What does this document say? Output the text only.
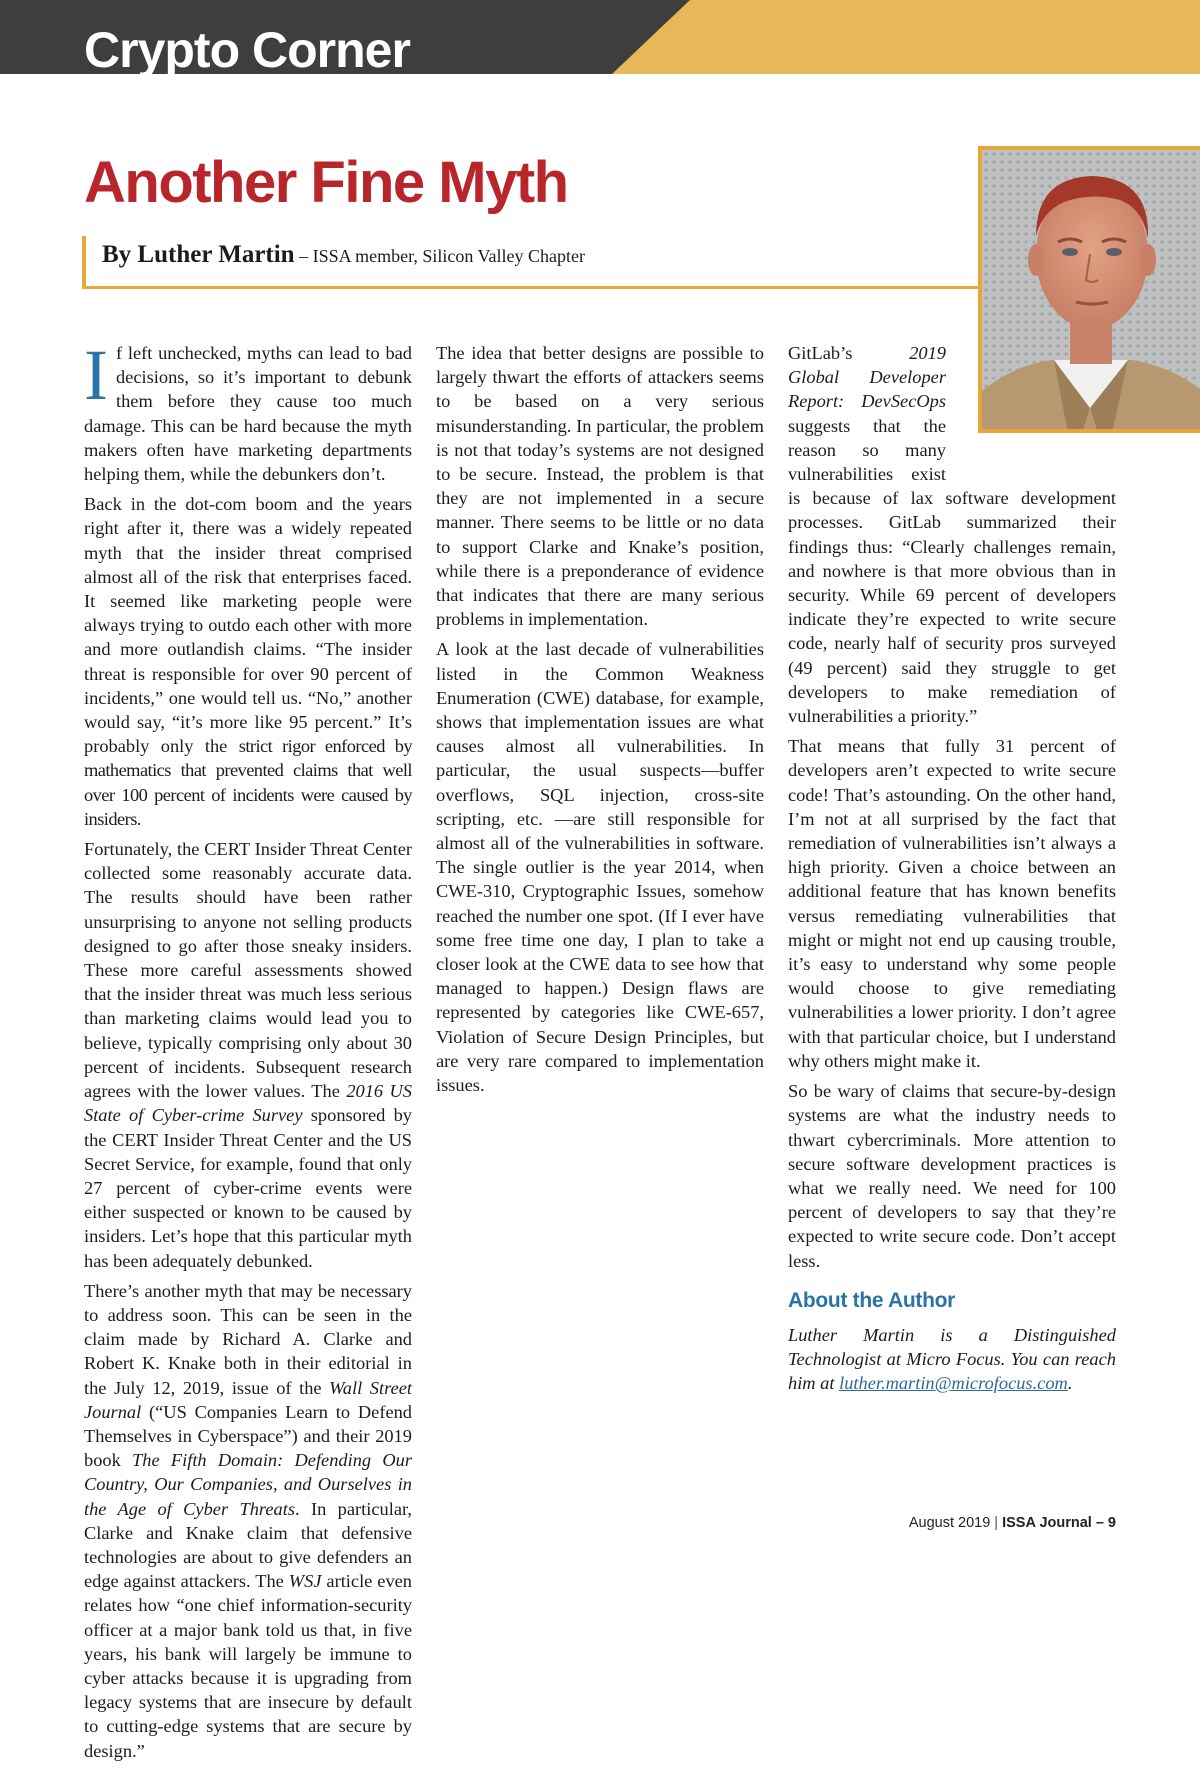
Crypto Corner
Another Fine Myth
By Luther Martin – ISSA member, Silicon Valley Chapter

If left unchecked, myths can lead to bad decisions, so it’s important to debunk them before they cause too much damage. This can be hard because the myth makers often have marketing departments helping them, while the debunkers don’t.

Back in the dot-com boom and the years right after it, there was a widely repeated myth that the insider threat comprised almost all of the risk that enterprises faced. It seemed like marketing people were always trying to outdo each other with more and more outlandish claims. “The insider threat is responsible for over 90 percent of incidents,” one would tell us. “No,” another would say, “it’s more like 95 percent.” It’s probably only the strict rigor enforced by mathematics that prevented claims that well over 100 percent of incidents were caused by insiders.

Fortunately, the CERT Insider Threat Center collected some reasonably accurate data. The results should have been rather unsurprising to anyone not selling products designed to go after those sneaky insiders. These more careful assessments showed that the insider threat was much less serious than marketing claims would lead you to believe, typically comprising only about 30 percent of incidents. Subsequent research agrees with the lower values. The 2016 US State of Cyber-crime Survey sponsored by the CERT Insider Threat Center and the US Secret Service, for example, found that only 27 percent of cyber-crime events were either suspected or known to be caused by insiders. Let’s hope that this particular myth has been adequately debunked.

There’s another myth that may be necessary to address soon. This can be seen in the claim made by Richard A. Clarke and Robert K. Knake both in their editorial in the July 12, 2019, issue of the Wall Street Journal (“US Companies Learn to Defend Themselves in Cyberspace”) and their 2019 book The Fifth Domain: Defending Our Country, Our Companies, and Ourselves in the Age of Cyber Threats. In particular, Clarke and Knake claim that defensive technologies are about to give defenders an edge against attackers. The WSJ article even relates how “one chief information-security officer at a major bank told us that, in five years, his bank will largely be immune to cyber attacks because it is upgrading from legacy systems that are insecure by default to cutting-edge systems that are secure by design.”

The idea that better designs are possible to largely thwart the efforts of attackers seems to be based on a very serious misunderstanding. In particular, the problem is not that today’s systems are not designed to be secure. Instead, the problem is that they are not implemented in a secure manner. There seems to be little or no data to support Clarke and Knake’s position, while there is a preponderance of evidence that indicates that there are many serious problems in implementation.

A look at the last decade of vulnerabilities listed in the Common Weakness Enumeration (CWE) database, for example, shows that implementation issues are what causes almost all vulnerabilities. In particular, the usual suspects—buffer overflows, SQL injection, cross-site scripting, etc. —are still responsible for almost all of the vulnerabilities in software. The single outlier is the year 2014, when CWE-310, Cryptographic Issues, somehow reached the number one spot. (If I ever have some free time one day, I plan to take a closer look at the CWE data to see how that managed to happen.) Design flaws are represented by categories like CWE-657, Violation of Secure Design Principles, but are very rare compared to implementation issues.

GitLab’s 2019 Global Developer Report: DevSecOps suggests that the reason so many vulnerabilities exist is because of lax software development processes. GitLab summarized their findings thus: “Clearly challenges remain, and nowhere is that more obvious than in security. While 69 percent of developers indicate they’re expected to write secure code, nearly half of security pros surveyed (49 percent) said they struggle to get developers to make remediation of vulnerabilities a priority.”

That means that fully 31 percent of developers aren’t expected to write secure code! That’s astounding. On the other hand, I’m not at all surprised by the fact that remediation of vulnerabilities isn’t always a high priority. Given a choice between an additional feature that has known benefits versus remediating vulnerabilities that might or might not end up causing trouble, it’s easy to understand why some people would choose to give remediating vulnerabilities a lower priority. I don’t agree with that particular choice, but I understand why others might make it.

So be wary of claims that secure-by-design systems are what the industry needs to thwart cybercriminals. More attention to secure software development practices is what we really need. We need for 100 percent of developers to say that they’re expected to write secure code. Don’t accept less.

About the Author

Luther Martin is a Distinguished Technologist at Micro Focus. You can reach him at luther.martin@microfocus.com.

August 2019 | ISSA Journal – 9
